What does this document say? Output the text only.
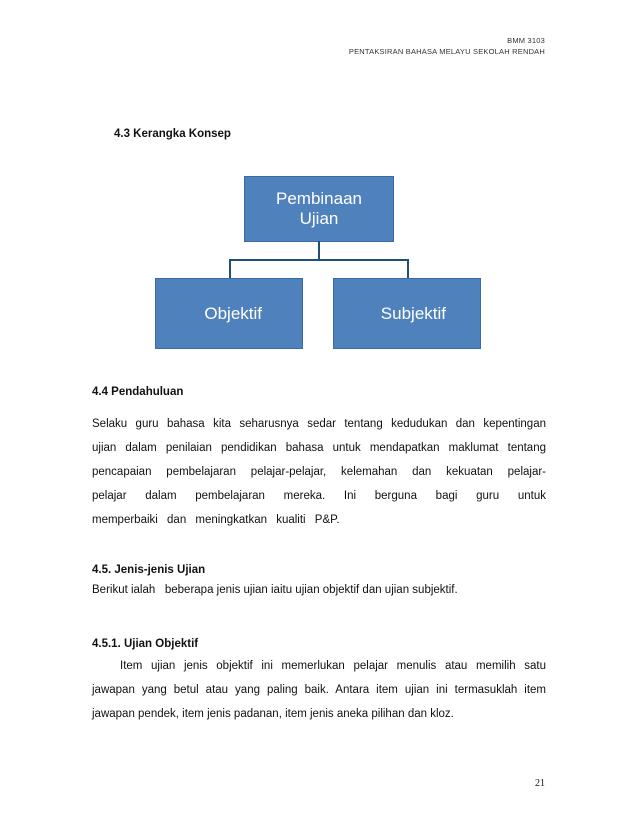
BMM 3103
PENTAKSIRAN BAHASA MELAYU SEKOLAH RENDAH
4.3 Kerangka Konsep
Pembinaan
Ujian
Objektif	Subjektif
4.4 Pendahuluan
Selaku guru bahasa kita seharusnya sedar tentang kedudukan dan kepentingan
ujian dalam penilaian pendidikan bahasa untuk mendapatkan maklumat tentang
pencapaian pembelajaran pelajar-pelajar, kelemahan dan kekuatan pelajar-
pelajar dalam pembelajaran mereka. Ini berguna bagi guru untuk
memperbaiki dan meningkatkan kualiti P&P.
4.5. Jenis-jenis Ujian
Berikut ialah   beberapa jenis ujian iaitu ujian objektif dan ujian subjektif.
4.5.1. Ujian Objektif
Item ujian jenis objektif ini memerlukan pelajar menulis atau memilih satu
jawapan yang betul atau yang paling baik. Antara item ujian ini termasuklah item
jawapan pendek, item jenis padanan, item jenis aneka pilihan dan kloz.
21
